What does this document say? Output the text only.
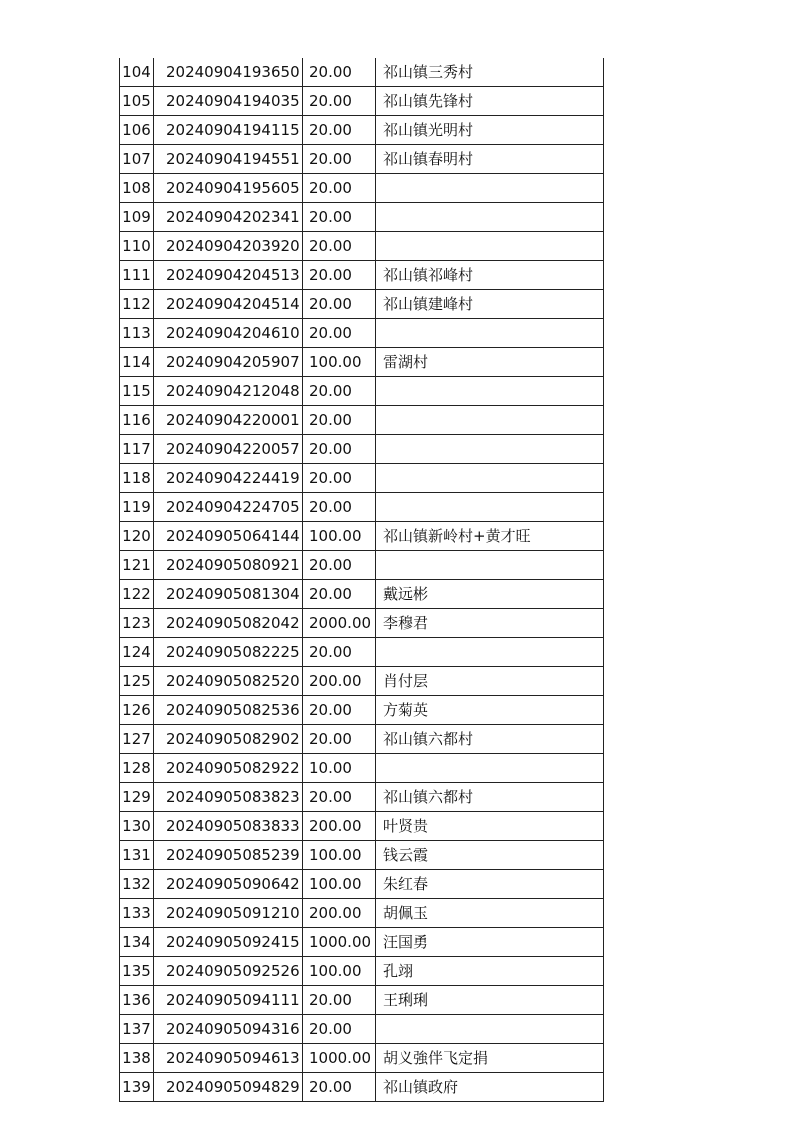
104	20240904193650	20.00	祁山镇三秀村
105	20240904194035	20.00	祁山镇先锋村
106	20240904194115	20.00	祁山镇光明村
107	20240904194551	20.00	祁山镇春明村
108	20240904195605	20.00	
109	20240904202341	20.00	
110	20240904203920	20.00	
111	20240904204513	20.00	祁山镇祁峰村
112	20240904204514	20.00	祁山镇建峰村
113	20240904204610	20.00	
114	20240904205907	100.00	雷湖村
115	20240904212048	20.00	
116	20240904220001	20.00	
117	20240904220057	20.00	
118	20240904224419	20.00	
119	20240904224705	20.00	
120	20240905064144	100.00	祁山镇新岭村+黄才旺
121	20240905080921	20.00	
122	20240905081304	20.00	戴远彬
123	20240905082042	2000.00	李穆君
124	20240905082225	20.00	
125	20240905082520	200.00	肖付层
126	20240905082536	20.00	方菊英
127	20240905082902	20.00	祁山镇六都村
128	20240905082922	10.00	
129	20240905083823	20.00	祁山镇六都村
130	20240905083833	200.00	叶贤贵
131	20240905085239	100.00	钱云霞
132	20240905090642	100.00	朱红春
133	20240905091210	200.00	胡佩玉
134	20240905092415	1000.00	汪国勇
135	20240905092526	100.00	孔翊
136	20240905094111	20.00	王琍琍
137	20240905094316	20.00	
138	20240905094613	1000.00	胡义強伴飞定捐
139	20240905094829	20.00	祁山镇政府
